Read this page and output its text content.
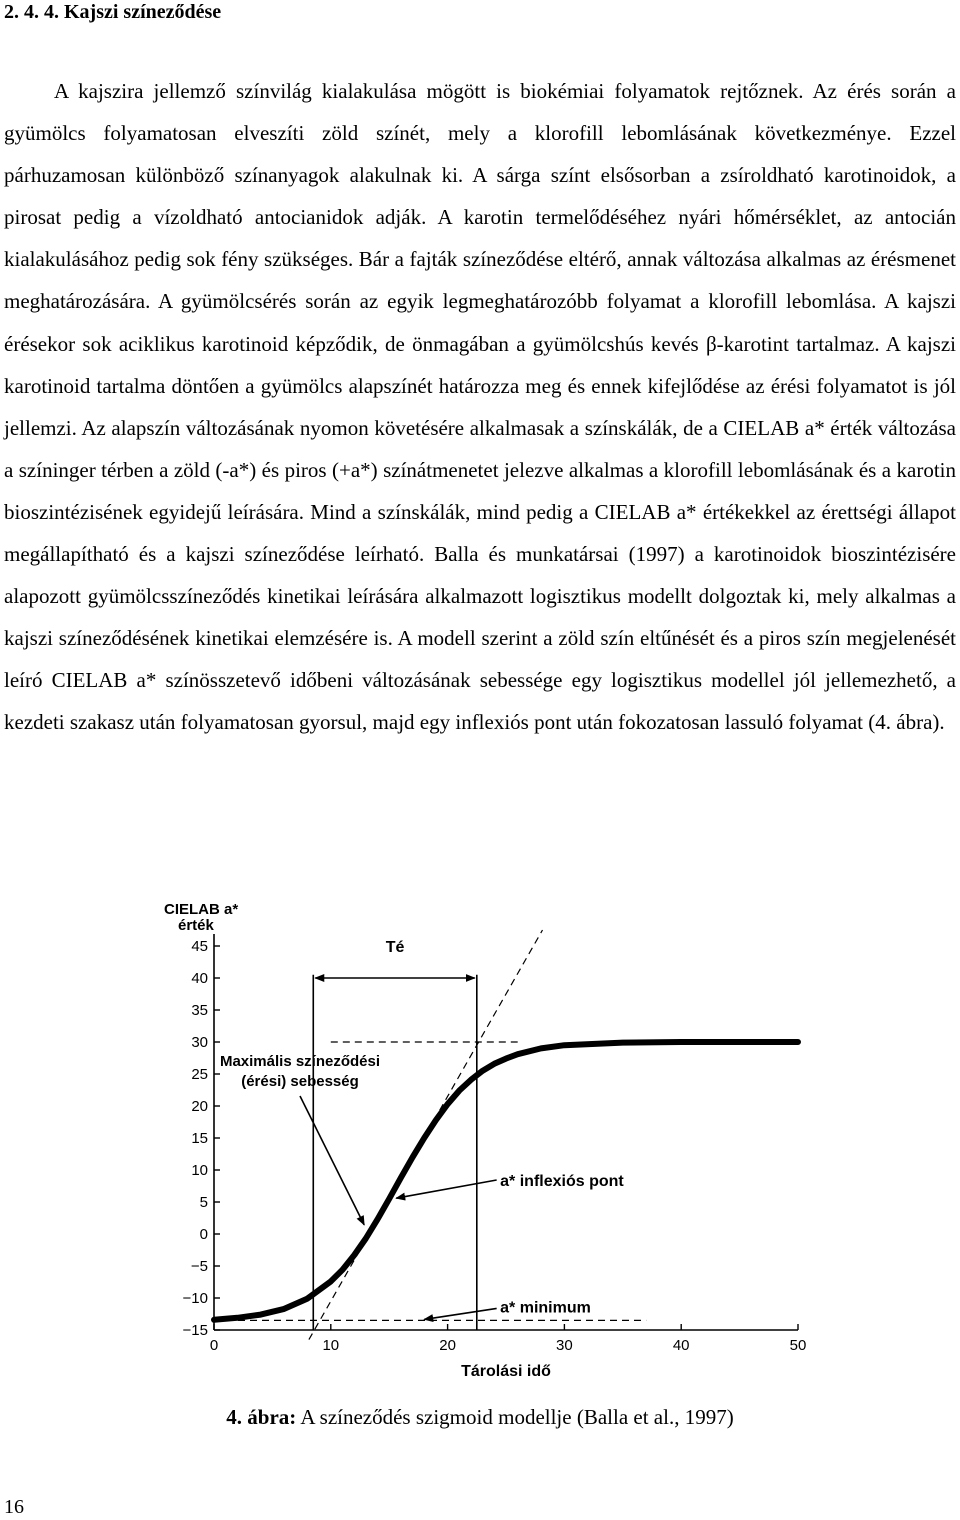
2. 4. 4. Kajszi színeződése

A kajszira jellemző színvilág kialakulása mögött is biokémiai folyamatok rejtőznek. Az érés során a gyümölcs folyamatosan elveszíti zöld színét, mely a klorofill lebomlásának következménye. Ezzel párhuzamosan különböző színanyagok alakulnak ki. A sárga színt elsősorban a zsíroldható karotinoidok, a pirosat pedig a vízoldható antocianidok adják. A karotin termelődéséhez nyári hőmérséklet, az antocián kialakulásához pedig sok fény szükséges. Bár a fajták színeződése eltérő, annak változása alkalmas az érésmenet meghatározására. A gyümölcsérés során az egyik legmeghatározóbb folyamat a klorofill lebomlása. A kajszi érésekor sok aciklikus karotinoid képződik, de önmagában a gyümölcshús kevés β-karotint tartalmaz. A kajszi karotinoid tartalma döntően a gyümölcs alapszínét határozza meg és ennek kifejlődése az érési folyamatot is jól jellemzi. Az alapszín változásának nyomon követésére alkalmasak a színskálák, de a CIELAB a* érték változása a színinger térben a zöld (-a*) és piros (+a*) színátmenetet jelezve alkalmas a klorofill lebomlásának és a karotin bioszintézisének egyidejű leírására. Mind a színskálák, mind pedig a CIELAB a* értékekkel az érettségi állapot megállapítható és a kajszi színeződése leírható. Balla és munkatársai (1997) a karotinoidok bioszintézisére alapozott gyümölcsszíneződés kinetikai leírására alkalmazott logisztikus modellt dolgoztak ki, mely alkalmas a kajszi színeződésének kinetikai elemzésére is. A modell szerint a zöld szín eltűnését és a piros szín megjelenését leíró CIELAB a* színösszetevő időbeni változásának sebessége egy logisztikus modellel jól jellemezhető, a kezdeti szakasz után folyamatosan gyorsul, majd egy inflexiós pont után fokozatosan lassuló folyamat (4. ábra).

−15
−10
−5
0
5
10
15
20
25
30
35
40
45
0	10	20	30	40	50
CIELAB a*
érték
Tárolási idő
Té
Maximális színeződési
(érési) sebesség
a* inflexiós pont
a* minimum

4. ábra: A színeződés szigmoid modellje (Balla et al., 1997)

16
